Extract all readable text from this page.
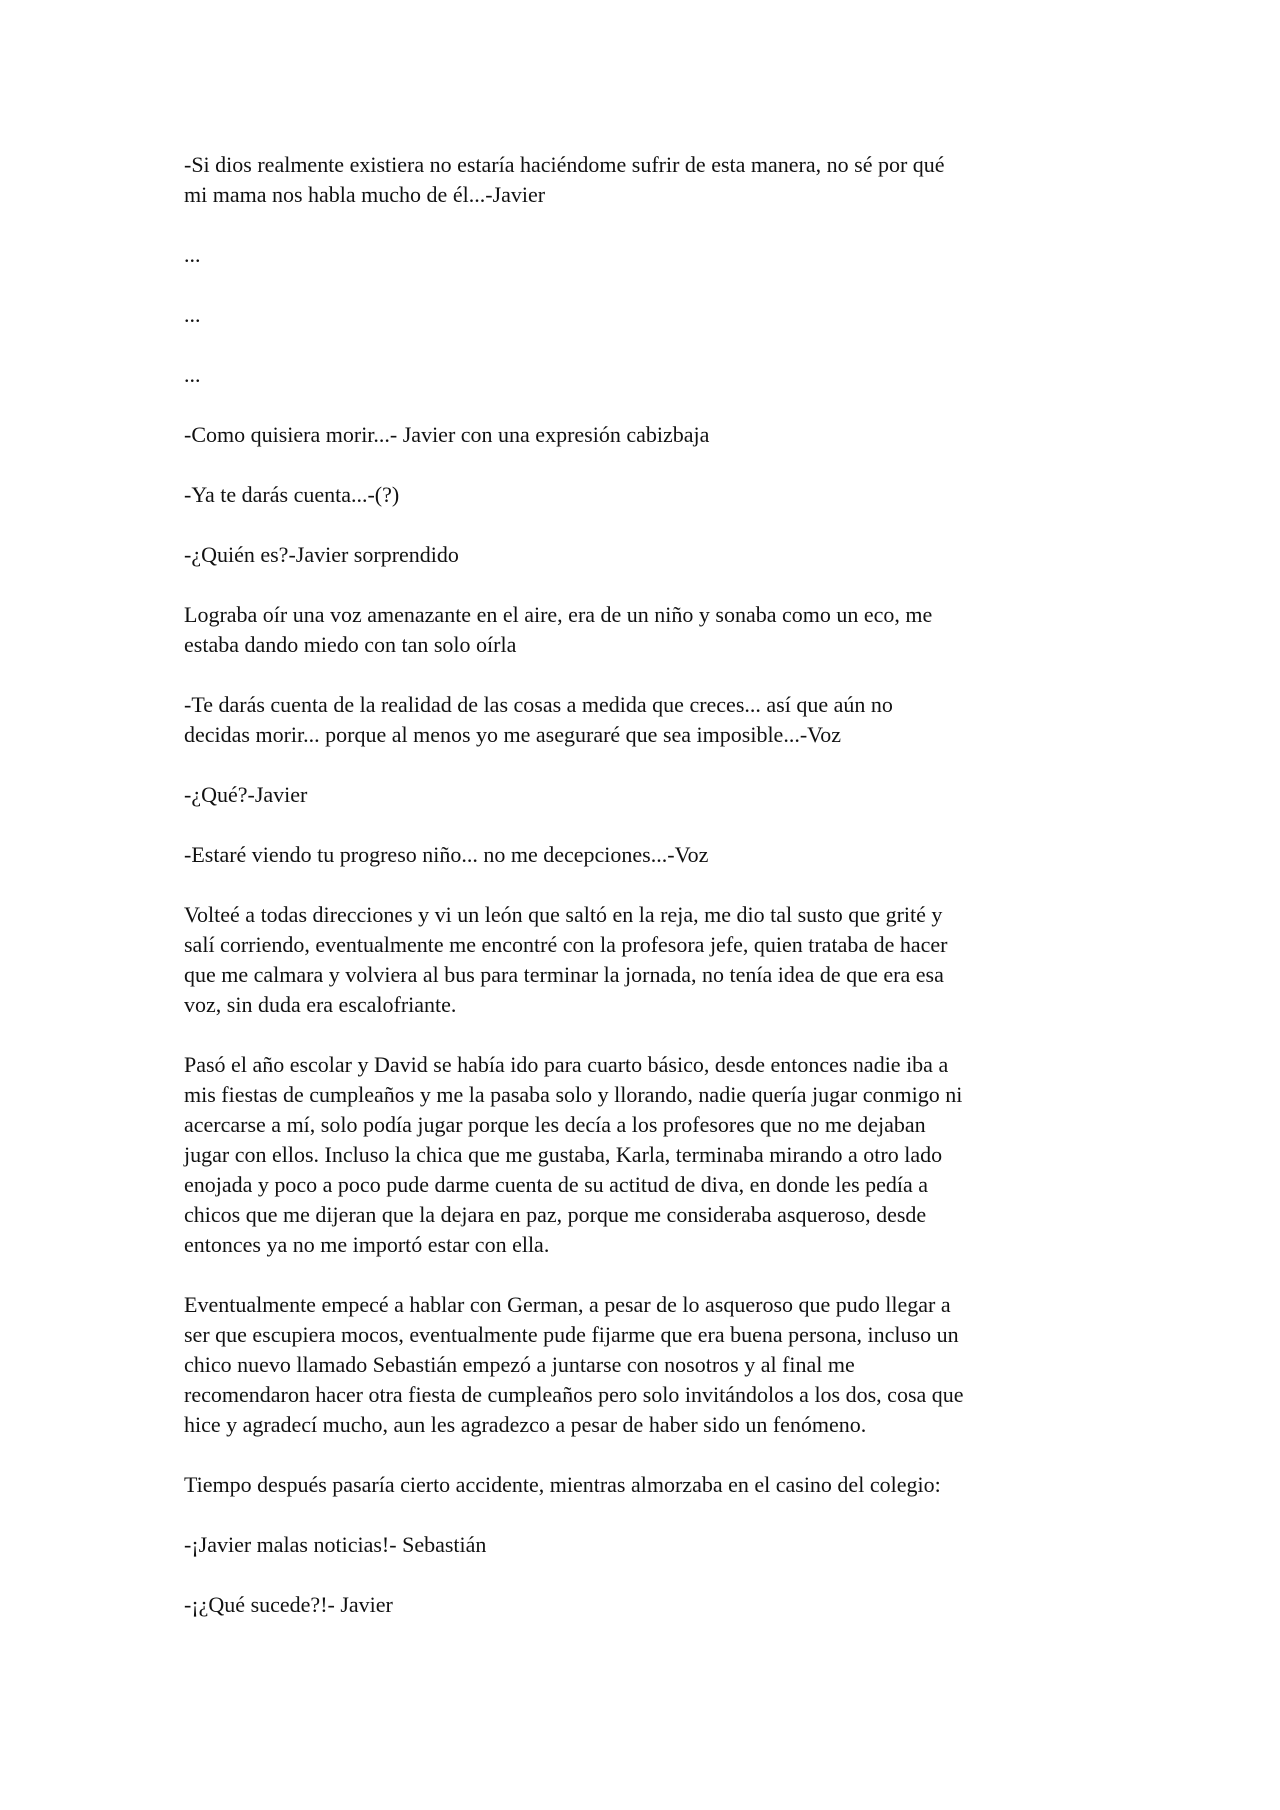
-Si dios realmente existiera no estaría haciéndome sufrir de esta manera, no sé por qué
mi mama nos habla mucho de él...-Javier

...

...

...

-Como quisiera morir...- Javier con una expresión cabizbaja

-Ya te darás cuenta...-(?)

-¿Quién es?-Javier sorprendido

Lograba oír una voz amenazante en el aire, era de un niño y sonaba como un eco, me
estaba dando miedo con tan solo oírla

-Te darás cuenta de la realidad de las cosas a medida que creces... así que aún no
decidas morir... porque al menos yo me aseguraré que sea imposible...-Voz

-¿Qué?-Javier

-Estaré viendo tu progreso niño... no me decepciones...-Voz

Volteé a todas direcciones y vi un león que saltó en la reja, me dio tal susto que grité y
salí corriendo, eventualmente me encontré con la profesora jefe, quien trataba de hacer
que me calmara y volviera al bus para terminar la jornada, no tenía idea de que era esa
voz, sin duda era escalofriante.

Pasó el año escolar y David se había ido para cuarto básico, desde entonces nadie iba a
mis fiestas de cumpleaños y me la pasaba solo y llorando, nadie quería jugar conmigo ni
acercarse a mí, solo podía jugar porque les decía a los profesores que no me dejaban
jugar con ellos. Incluso la chica que me gustaba, Karla, terminaba mirando a otro lado
enojada y poco a poco pude darme cuenta de su actitud de diva, en donde les pedía a
chicos que me dijeran que la dejara en paz, porque me consideraba asqueroso, desde
entonces ya no me importó estar con ella.

Eventualmente empecé a hablar con German, a pesar de lo asqueroso que pudo llegar a
ser que escupiera mocos, eventualmente pude fijarme que era buena persona, incluso un
chico nuevo llamado Sebastián empezó a juntarse con nosotros y al final me
recomendaron hacer otra fiesta de cumpleaños pero solo invitándolos a los dos, cosa que
hice y agradecí mucho, aun les agradezco a pesar de haber sido un fenómeno.

Tiempo después pasaría cierto accidente, mientras almorzaba en el casino del colegio:

-¡Javier malas noticias!- Sebastián

-¡¿Qué sucede?!- Javier
